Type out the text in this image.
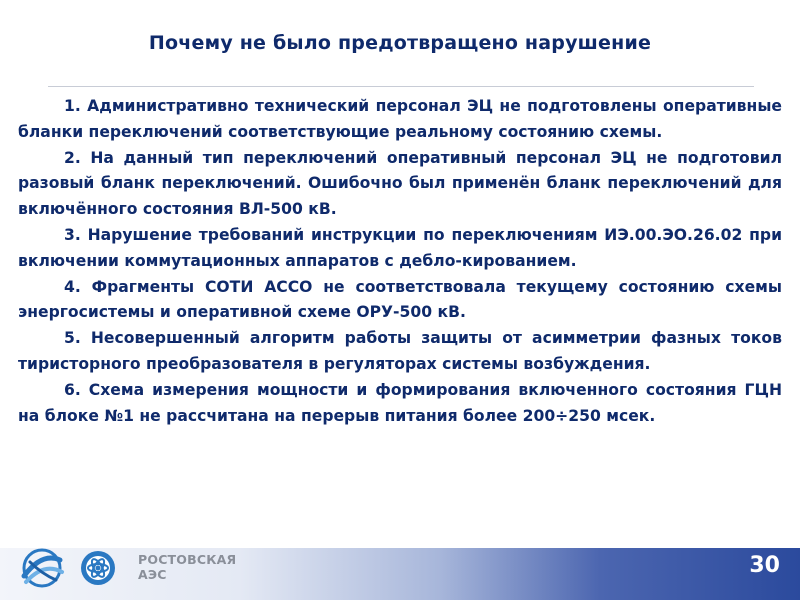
Почему не было предотвращено нарушение

1. Административно технический персонал ЭЦ не подготовлены оперативные бланки переключений соответствующие реальному состоянию схемы.

2. На данный тип переключений оперативный персонал ЭЦ не подготовил разовый бланк переключений. Ошибочно был применён бланк переключений для включённого состояния ВЛ-500 кВ.

3. Нарушение требований инструкции по переключениям ИЭ.00.ЭО.26.02 при включении коммутационных аппаратов с дебло-кированием.

4. Фрагменты СОТИ АССО не соответствовала текущему состоянию схемы энергосистемы и оперативной схеме ОРУ-500 кВ.

5. Несовершенный алгоритм работы защиты от асимметрии фазных токов тиристорного преобразователя в регуляторах системы возбуждения.

6. Схема измерения мощности и формирования включенного состояния ГЦН на блоке №1 не рассчитана на перерыв питания более 200÷250 мсек.

РОСТОВСКАЯ
АЭС	30
